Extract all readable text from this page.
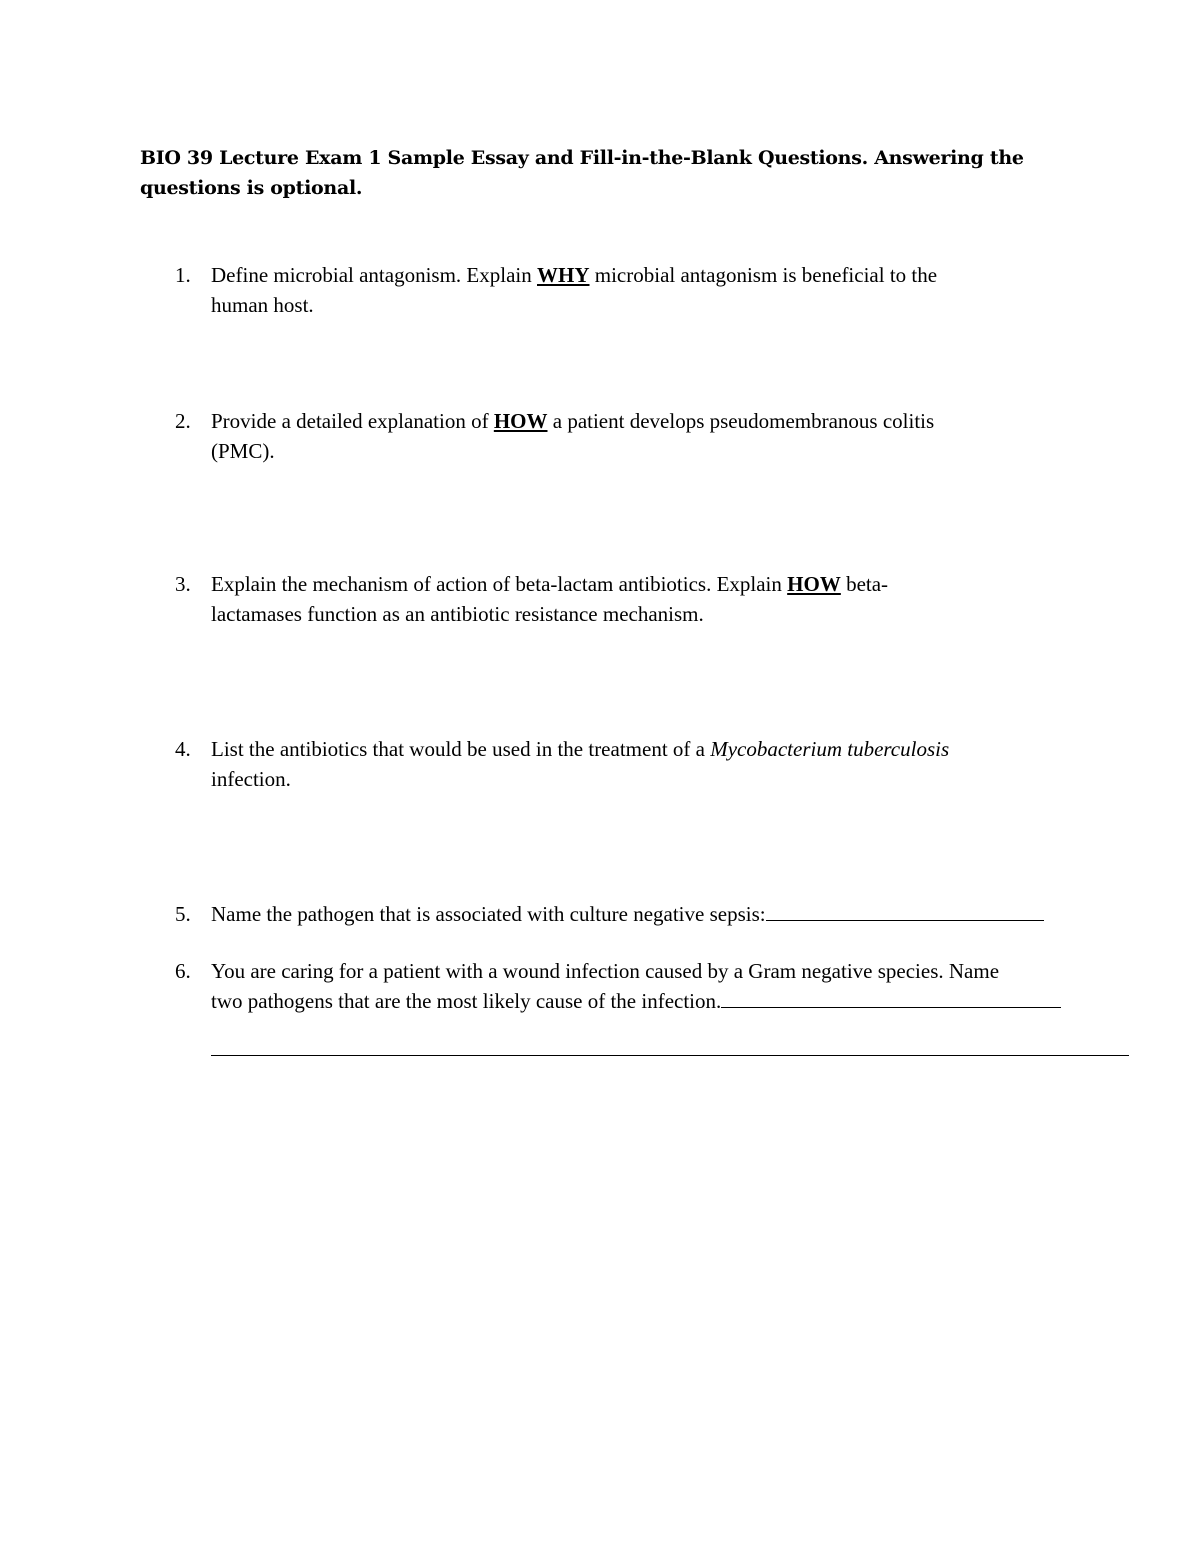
BIO 39 Lecture Exam 1 Sample Essay and Fill-in-the-Blank Questions. Answering the
questions is optional.
1. Define microbial antagonism. Explain WHY microbial antagonism is beneficial to the
human host.
2. Provide a detailed explanation of HOW a patient develops pseudomembranous colitis
(PMC).
3. Explain the mechanism of action of beta-lactam antibiotics. Explain HOW beta-
lactamases function as an antibiotic resistance mechanism.
4. List the antibiotics that would be used in the treatment of a Mycobacterium tuberculosis
infection.
5. Name the pathogen that is associated with culture negative sepsis:
6. You are caring for a patient with a wound infection caused by a Gram negative species. Name
two pathogens that are the most likely cause of the infection.
